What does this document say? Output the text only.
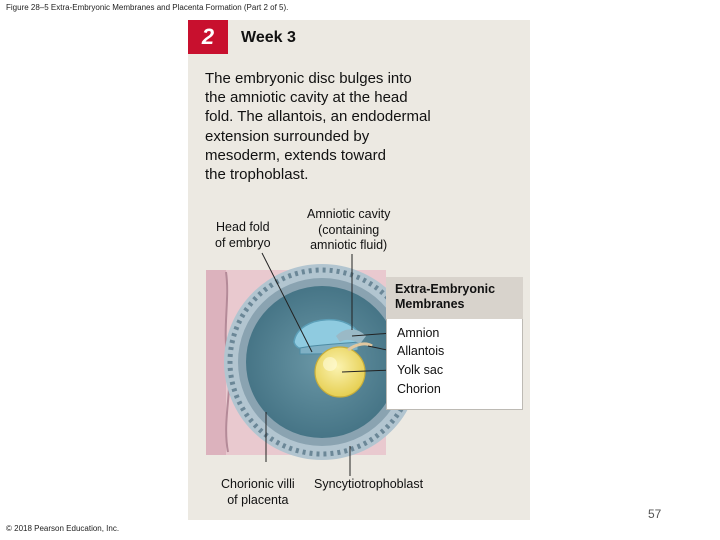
Figure 28–5 Extra-Embryonic Membranes and Placenta Formation (Part 2 of 5).
2	Week 3
The embryonic disc bulges into
the amniotic cavity at the head
fold. The allantois, an endodermal
extension surrounded by
mesoderm, extends toward
the trophoblast.
Head fold
of embryo
Amniotic cavity
(containing
amniotic fluid)
Extra-Embryonic
Membranes
Amnion
Allantois
Yolk sac
Chorion
Chorionic villi
of placenta
Syncytiotrophoblast
57
© 2018 Pearson Education, Inc.
